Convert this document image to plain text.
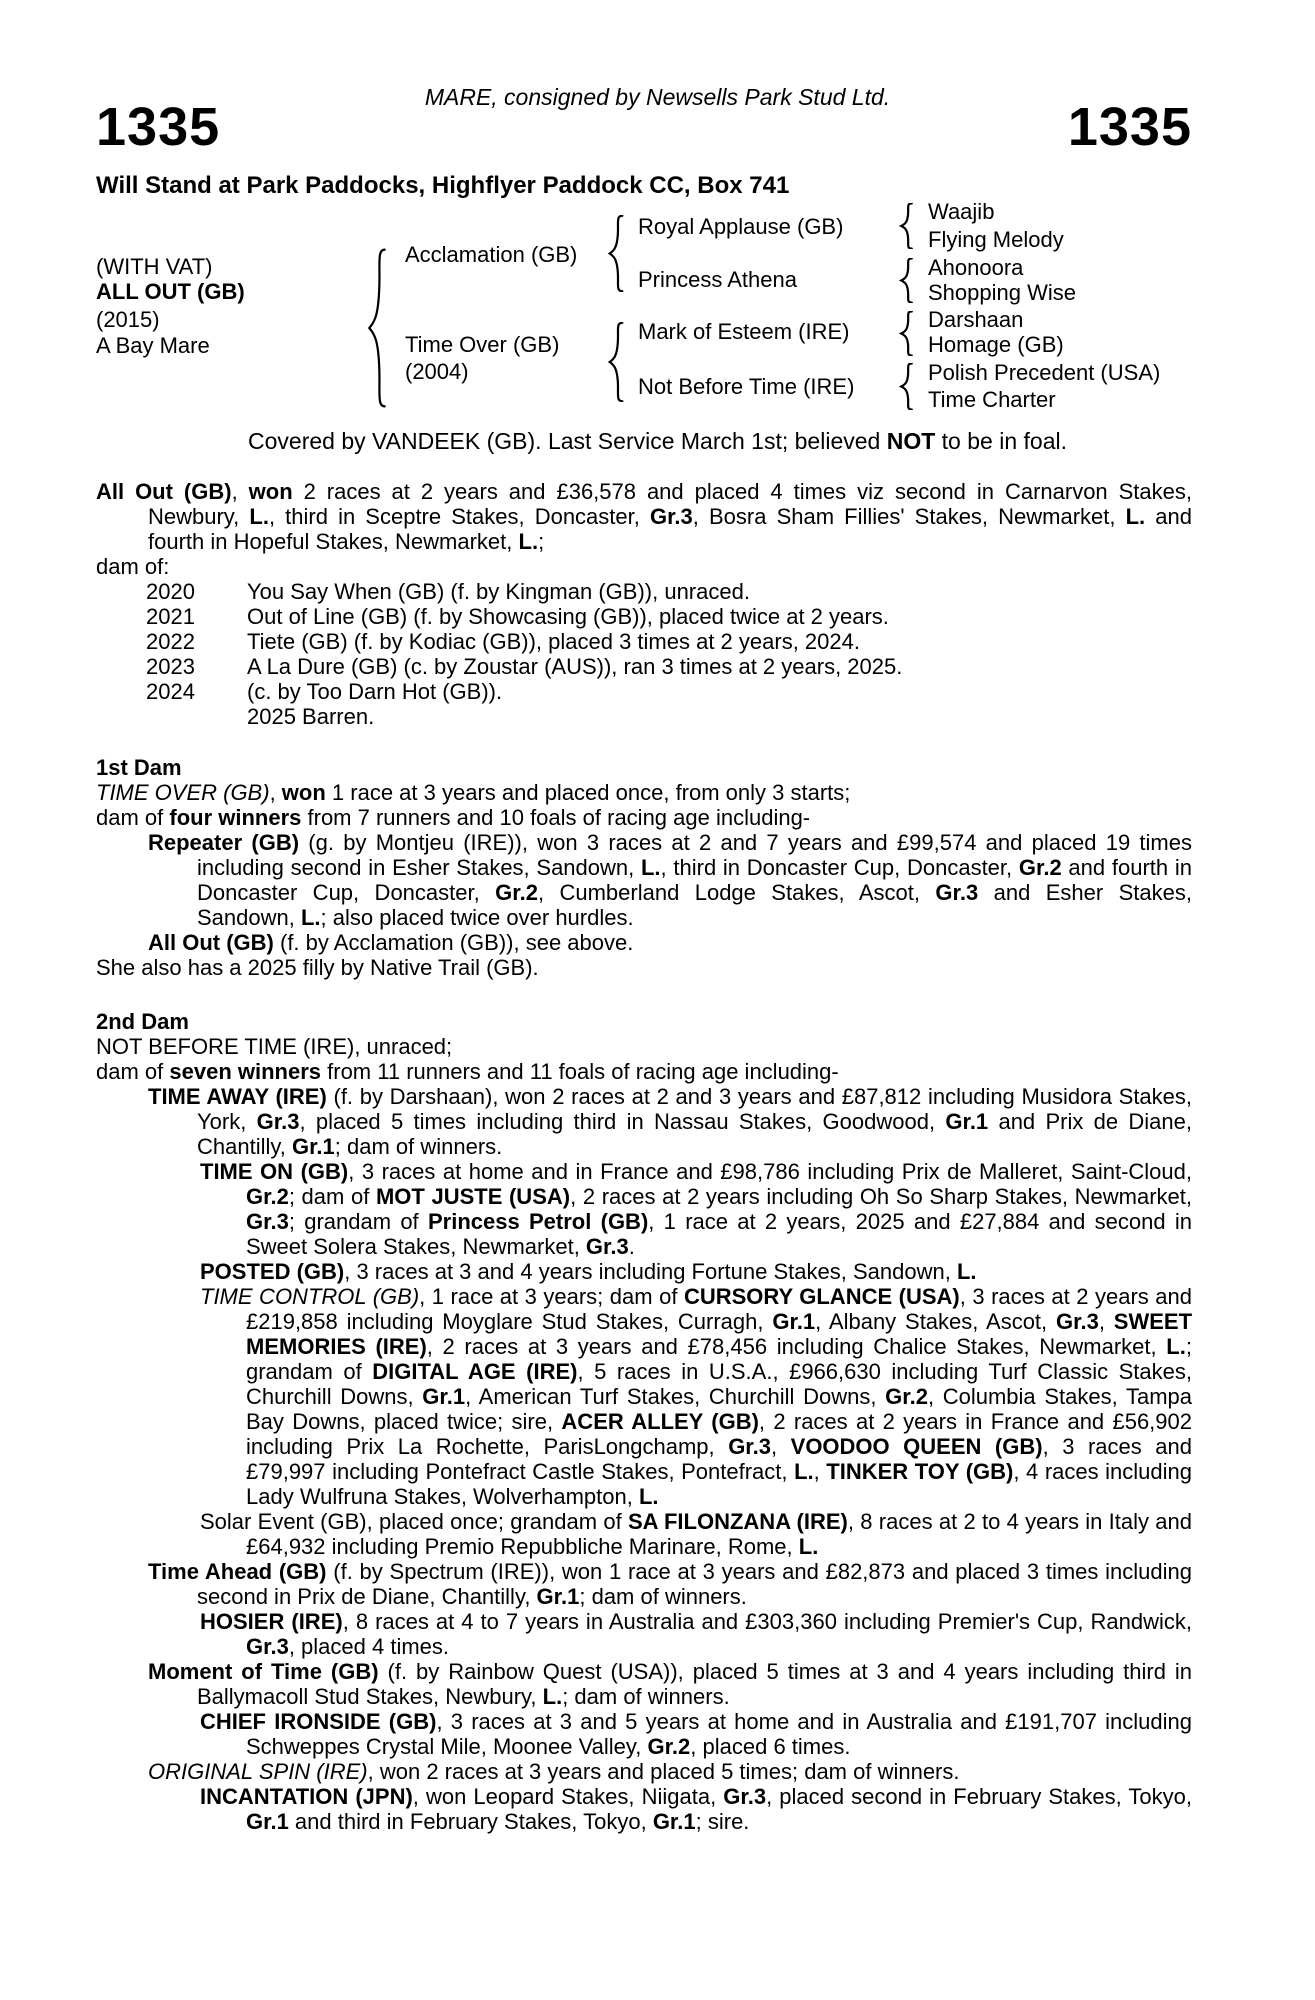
MARE, consigned by Newsells Park Stud Ltd.
1335	1335
Will Stand at Park Paddocks, Highflyer Paddock CC, Box 741
(WITH VAT)
ALL OUT (GB)
(2015)
A Bay Mare
Acclamation (GB)
Time Over (GB)
(2004)
Royal Applause (GB)
Princess Athena
Mark of Esteem (IRE)
Not Before Time (IRE)
Waajib
Flying Melody
Ahonoora
Shopping Wise
Darshaan
Homage (GB)
Polish Precedent (USA)
Time Charter
Covered by VANDEEK (GB). Last Service March 1st; believed NOT to be in foal.
All Out (GB), won 2 races at 2 years and £36,578 and placed 4 times viz second in Carnarvon Stakes, Newbury, L., third in Sceptre Stakes, Doncaster, Gr.3, Bosra Sham Fillies' Stakes, Newmarket, L. and fourth in Hopeful Stakes, Newmarket, L.;
dam of:
2020	You Say When (GB) (f. by Kingman (GB)), unraced.
2021	Out of Line (GB) (f. by Showcasing (GB)), placed twice at 2 years.
2022	Tiete (GB) (f. by Kodiac (GB)), placed 3 times at 2 years, 2024.
2023	A La Dure (GB) (c. by Zoustar (AUS)), ran 3 times at 2 years, 2025.
2024	(c. by Too Darn Hot (GB)).
2025 Barren.
1st Dam
TIME OVER (GB), won 1 race at 3 years and placed once, from only 3 starts;
dam of four winners from 7 runners and 10 foals of racing age including-
Repeater (GB) (g. by Montjeu (IRE)), won 3 races at 2 and 7 years and £99,574 and placed 19 times including second in Esher Stakes, Sandown, L., third in Doncaster Cup, Doncaster, Gr.2 and fourth in Doncaster Cup, Doncaster, Gr.2, Cumberland Lodge Stakes, Ascot, Gr.3 and Esher Stakes, Sandown, L.; also placed twice over hurdles.
All Out (GB) (f. by Acclamation (GB)), see above.
She also has a 2025 filly by Native Trail (GB).
2nd Dam
NOT BEFORE TIME (IRE), unraced;
dam of seven winners from 11 runners and 11 foals of racing age including-
TIME AWAY (IRE) (f. by Darshaan), won 2 races at 2 and 3 years and £87,812 including Musidora Stakes, York, Gr.3, placed 5 times including third in Nassau Stakes, Goodwood, Gr.1 and Prix de Diane, Chantilly, Gr.1; dam of winners.
TIME ON (GB), 3 races at home and in France and £98,786 including Prix de Malleret, Saint-Cloud, Gr.2; dam of MOT JUSTE (USA), 2 races at 2 years including Oh So Sharp Stakes, Newmarket, Gr.3; grandam of Princess Petrol (GB), 1 race at 2 years, 2025 and £27,884 and second in Sweet Solera Stakes, Newmarket, Gr.3.
POSTED (GB), 3 races at 3 and 4 years including Fortune Stakes, Sandown, L.
TIME CONTROL (GB), 1 race at 3 years; dam of CURSORY GLANCE (USA), 3 races at 2 years and £219,858 including Moyglare Stud Stakes, Curragh, Gr.1, Albany Stakes, Ascot, Gr.3, SWEET MEMORIES (IRE), 2 races at 3 years and £78,456 including Chalice Stakes, Newmarket, L.; grandam of DIGITAL AGE (IRE), 5 races in U.S.A., £966,630 including Turf Classic Stakes, Churchill Downs, Gr.1, American Turf Stakes, Churchill Downs, Gr.2, Columbia Stakes, Tampa Bay Downs, placed twice; sire, ACER ALLEY (GB), 2 races at 2 years in France and £56,902 including Prix La Rochette, ParisLongchamp, Gr.3, VOODOO QUEEN (GB), 3 races and £79,997 including Pontefract Castle Stakes, Pontefract, L., TINKER TOY (GB), 4 races including Lady Wulfruna Stakes, Wolverhampton, L.
Solar Event (GB), placed once; grandam of SA FILONZANA (IRE), 8 races at 2 to 4 years in Italy and £64,932 including Premio Repubbliche Marinare, Rome, L.
Time Ahead (GB) (f. by Spectrum (IRE)), won 1 race at 3 years and £82,873 and placed 3 times including second in Prix de Diane, Chantilly, Gr.1; dam of winners.
HOSIER (IRE), 8 races at 4 to 7 years in Australia and £303,360 including Premier's Cup, Randwick, Gr.3, placed 4 times.
Moment of Time (GB) (f. by Rainbow Quest (USA)), placed 5 times at 3 and 4 years including third in Ballymacoll Stud Stakes, Newbury, L.; dam of winners.
CHIEF IRONSIDE (GB), 3 races at 3 and 5 years at home and in Australia and £191,707 including Schweppes Crystal Mile, Moonee Valley, Gr.2, placed 6 times.
ORIGINAL SPIN (IRE), won 2 races at 3 years and placed 5 times; dam of winners.
INCANTATION (JPN), won Leopard Stakes, Niigata, Gr.3, placed second in February Stakes, Tokyo, Gr.1 and third in February Stakes, Tokyo, Gr.1; sire.
